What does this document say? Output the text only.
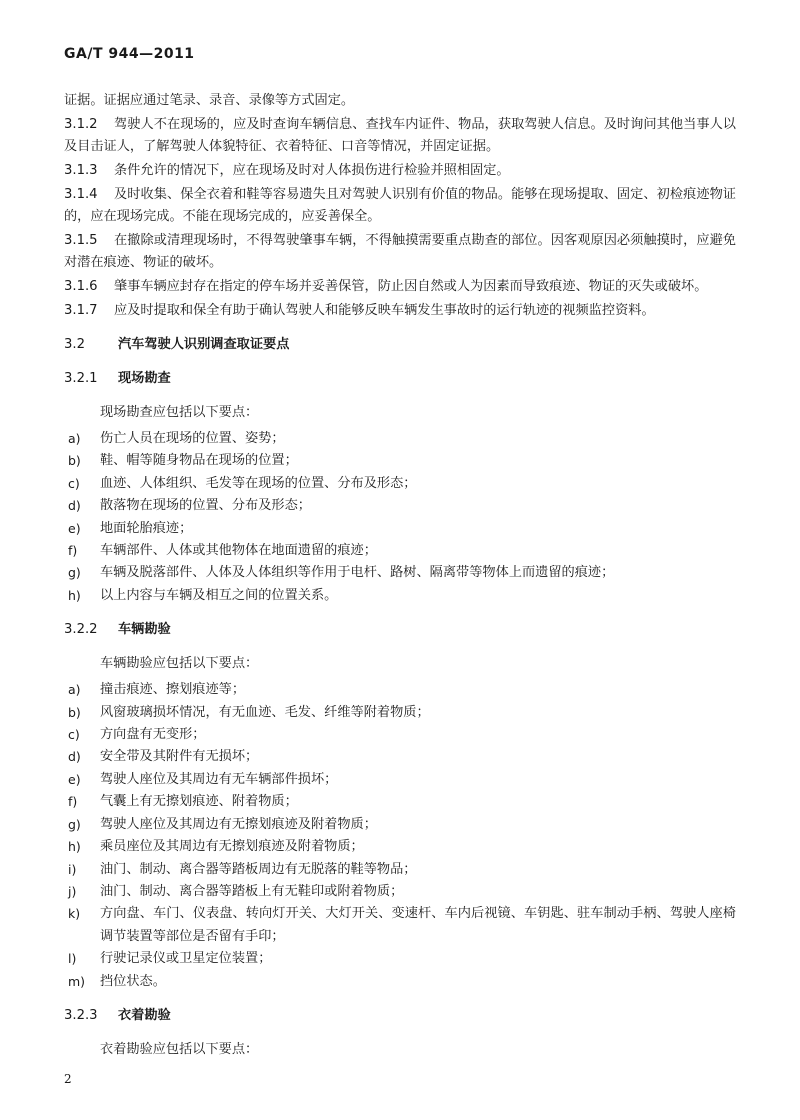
GA/T 944—2011

证据。证据应通过笔录、录音、录像等方式固定。

3.1.2 驾驶人不在现场的，应及时查询车辆信息、查找车内证件、物品，获取驾驶人信息。及时询问其他当事人以及目击证人，了解驾驶人体貌特征、衣着特征、口音等情况，并固定证据。

3.1.3 条件允许的情况下，应在现场及时对人体损伤进行检验并照相固定。

3.1.4 及时收集、保全衣着和鞋等容易遗失且对驾驶人识别有价值的物品。能够在现场提取、固定、初检痕迹物证的，应在现场完成。不能在现场完成的，应妥善保全。

3.1.5 在撤除或清理现场时，不得驾驶肇事车辆，不得触摸需要重点勘查的部位。因客观原因必须触摸时，应避免对潜在痕迹、物证的破坏。

3.1.6 肇事车辆应封存在指定的停车场并妥善保管，防止因自然或人为因素而导致痕迹、物证的灭失或破坏。

3.1.7 应及时提取和保全有助于确认驾驶人和能够反映车辆发生事故时的运行轨迹的视频监控资料。

3.2	汽车驾驶人识别调查取证要点
3.2.1 现场勘查
现场勘查应包括以下要点：
a)	伤亡人员在现场的位置、姿势；
b)	鞋、帽等随身物品在现场的位置；
c)	血迹、人体组织、毛发等在现场的位置、分布及形态；
d)	散落物在现场的位置、分布及形态；
e)	地面轮胎痕迹；
f)	车辆部件、人体或其他物体在地面遗留的痕迹；
g)	车辆及脱落部件、人体及人体组织等作用于电杆、路树、隔离带等物体上而遗留的痕迹；
h)	以上内容与车辆及相互之间的位置关系。
3.2.2 车辆勘验
车辆勘验应包括以下要点：
a)	撞击痕迹、擦划痕迹等；
b)	风窗玻璃损坏情况，有无血迹、毛发、纤维等附着物质；
c)	方向盘有无变形；
d)	安全带及其附件有无损坏；
e)	驾驶人座位及其周边有无车辆部件损坏；
f)	气囊上有无擦划痕迹、附着物质；
g)	驾驶人座位及其周边有无擦划痕迹及附着物质；
h)	乘员座位及其周边有无擦划痕迹及附着物质；
i)	油门、制动、离合器等踏板周边有无脱落的鞋等物品；
j)	油门、制动、离合器等踏板上有无鞋印或附着物质；
k)	方向盘、车门、仪表盘、转向灯开关、大灯开关、变速杆、车内后视镜、车钥匙、驻车制动手柄、驾驶人座椅调节装置等部位是否留有手印；
l)	行驶记录仪或卫星定位装置；
m)	挡位状态。
3.2.3 衣着勘验
衣着勘验应包括以下要点：
2
